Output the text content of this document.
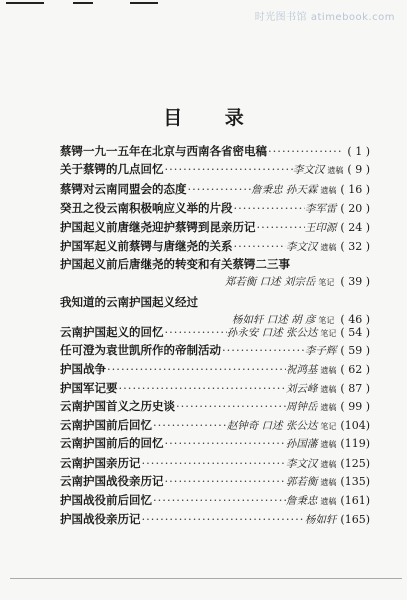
时光图书馆 atimebook.com
目 录
蔡锷一九一五年在北京与西南各省密电稿 ·····	( 1 )
关于蔡锷的几点回忆 ·····	李文汉 遗稿 ( 9 )
蔡锷对云南同盟会的态度 ·····	詹秉忠 孙天霖 遗稿 ( 16 )
癸丑之役云南积极响应义举的片段 ·····	李军雷 ( 20 )
护国起义前唐继尧迎护蔡锷到昆亲历记 ·····	王印源 ( 24 )
护国军起义前蔡锷与唐继尧的关系 ·····	李文汉 遗稿 ( 32 )
护国起义前后唐继尧的转变和有关蔡锷二三事
郑若衡 口述 刘宗岳 笔记 ( 39 )
我知道的云南护国起义经过
杨如轩 口述 胡 彦 笔记 ( 46 )
云南护国起义的回忆 ·····	孙永安 口述 张公达 笔记 ( 54 )
任可澄为袁世凯所作的帝制活动 ·····	李子辉 ( 59 )
护国战争 ·····	祝鸿基 遗稿 ( 62 )
护国军记要 ·····	刘云峰 遗稿 ( 87 )
云南护国首义之历史谈 ·····	周钟岳 遗稿 ( 99 )
云南护国前后回忆 ·····	赵钟奇 口述 张公达 笔记 (104)
云南护国前后的回忆 ·····	孙国藩 遗稿 (119)
云南护国亲历记 ·····	李文汉 遗稿 (125)
云南护国战役亲历记 ·····	郭若衡 遗稿 (135)
护国战役前后回忆 ·····	詹秉忠 遗稿 (161)
护国战役亲历记 ·····	杨如轩 (165)
